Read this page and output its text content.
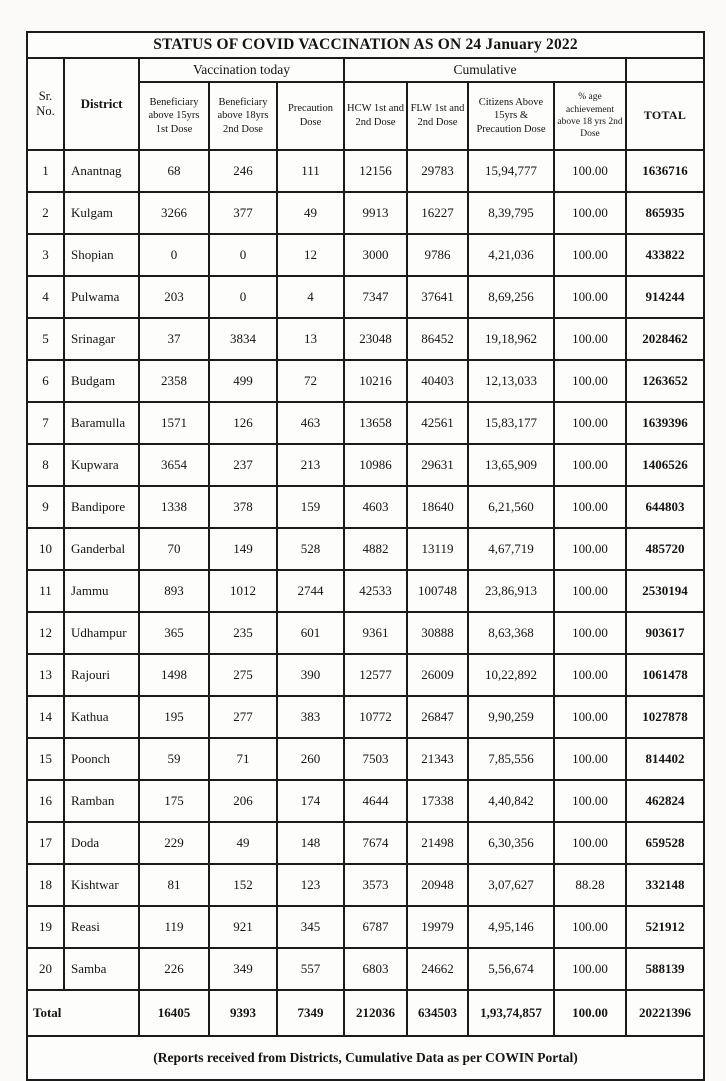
STATUS OF COVID VACCINATION AS ON 24 January 2022									
Sr. No.	District	Vaccination today			Cumulative				
		Beneficiary above 15yrs 1st Dose	Beneficiary above 18yrs 2nd Dose	Precaution Dose	HCW 1st and 2nd Dose	FLW 1st and 2nd Dose	Citizens Above 15yrs & Precaution Dose	% age achievement above 18 yrs 2nd Dose	TOTAL
1	Anantnag	68	246	111	12156	29783	15,94,777	100.00	1636716
2	Kulgam	3266	377	49	9913	16227	8,39,795	100.00	865935
3	Shopian	0	0	12	3000	9786	4,21,036	100.00	433822
4	Pulwama	203	0	4	7347	37641	8,69,256	100.00	914244
5	Srinagar	37	3834	13	23048	86452	19,18,962	100.00	2028462
6	Budgam	2358	499	72	10216	40403	12,13,033	100.00	1263652
7	Baramulla	1571	126	463	13658	42561	15,83,177	100.00	1639396
8	Kupwara	3654	237	213	10986	29631	13,65,909	100.00	1406526
9	Bandipore	1338	378	159	4603	18640	6,21,560	100.00	644803
10	Ganderbal	70	149	528	4882	13119	4,67,719	100.00	485720
11	Jammu	893	1012	2744	42533	100748	23,86,913	100.00	2530194
12	Udhampur	365	235	601	9361	30888	8,63,368	100.00	903617
13	Rajouri	1498	275	390	12577	26009	10,22,892	100.00	1061478
14	Kathua	195	277	383	10772	26847	9,90,259	100.00	1027878
15	Poonch	59	71	260	7503	21343	7,85,556	100.00	814402
16	Ramban	175	206	174	4644	17338	4,40,842	100.00	462824
17	Doda	229	49	148	7674	21498	6,30,356	100.00	659528
18	Kishtwar	81	152	123	3573	20948	3,07,627	88.28	332148
19	Reasi	119	921	345	6787	19979	4,95,146	100.00	521912
20	Samba	226	349	557	6803	24662	5,56,674	100.00	588139
Total		16405	9393	7349	212036	634503	1,93,74,857	100.00	20221396
(Reports received from Districts, Cumulative Data as per COWIN Portal)									
